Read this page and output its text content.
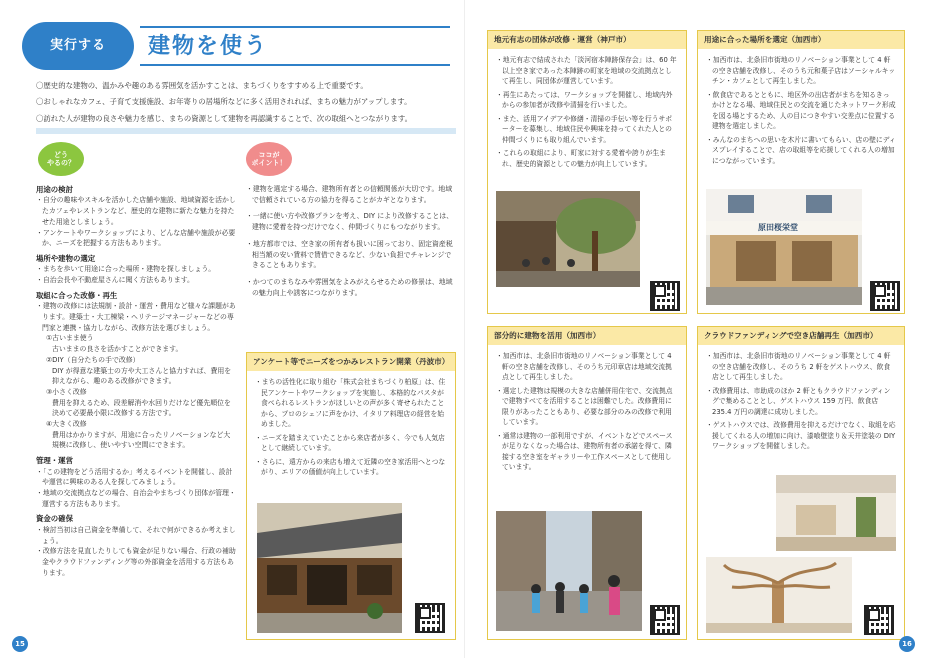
実行する	建物を使う

〇 歴史的な建物の、温かみや趣のある雰囲気を活かすことは、まちづくりをすすめる上で重要です。

〇 おしゃれなカフェ、子育て支援施設、お年寄りの居場所などに多く活用されれば、まちの魅力がアップします。

〇 訪れた人が建物の良さや魅力を感じ、まちの資源として建物を再認識することで、次の取組へとつながります。

どう
やるの？
ココが
ポイント！
用途の検討
・ 自分の趣味やスキルを活かした店舗や施設、地域資源を活かしたカフェやレストランなど、歴史的な建物に新たな魅力を持たせた用途としましょう。
・ アンケートやワークショップにより、どんな店舗や施設が必要か、ニーズを把握する方法もあります。
場所や建物の選定
・ まちを歩いて用途に合った場所・建物を探しましょう。
・ 自治会長や不動産屋さんに聞く方法もあります。
取組に合った改修・再生
・ 建物の改修には法規制・設計・運営・費用など様々な課題があります。建築士・大工棟梁・ヘリテージマネージャーなどの専門家と連携・協力しながら、改修方法を選びましょう。
①古いまま使う
古いままの良さを活かすことができます。
②DIY（自分たちの手で改修）
DIY が得意な建築士の方や大工さんと協力すれば、費用を抑えながら、趣のある改修ができます。
③小さく改修
費用を抑えるため、段差解消や水回りだけなど優先順位を決めて必要最小限に改修する方法です。
④大きく改修
費用はかかりますが、用途に合ったリノベーションなど大規模に改修し、使いやすい空間にできます。
管理・運営
・ 「この建物をどう活用するか」考えるイベントを開催し、設計や運営に興味のある人を探してみましょう。
・ 地域の交流拠点などの場合、自治会やまちづくり団体が管理・運営する方法もあります。
資金の確保
・ 検討当初は自己資金を準備して、それで何ができるか考えましょう。
・ 改修方法を見直したりしても資金が足りない場合、行政の補助金やクラウドファンディング等の外部資金を活用する方法もあります。

・ 建物を選定する場合、建物所有者との信頼関係が大切です。地域で信頼されている方の協力を得ることがカギとなります。

・ 一緒に使い方や改修プランを考え、DIY により改修することは、建物に愛着を持つだけでなく、仲間づくりにもつながります。

・ 地方都市では、空き家の所有者も扱いに困っており、固定資産税相当額の安い賃料で賃借できるなど、少ない負担でチャレンジできることもあります。

・ かつてのまちなみや雰囲気をよみがえらせるための修景は、地域の魅力向上や誘客につながります。

アンケート等でニーズをつかみレストラン開業（丹波市）

・ まちの活性化に取り組む「株式会社まちづくり柏原」は、住民アンケートやワークショップを実施し、本格的なパスタが食べられるレストランがほしいとの声が多く寄せられたことから、プロのシェフに声をかけ、イタリア料理店の経営を始めました。

・ ニーズを踏まえていたことから来店者が多く、今でも人気店として継続しています。

・ さらに、遠方からの来店も増えて近隣の空き家活用へとつながり、エリアの価値が向上しています。

15
地元有志の団体が改修・運営（神戸市）

・ 地元有志で結成された「淡河宿本陣跡保存会」は、60 年以上空き家であった本陣跡の町家を地域の交流拠点として再生し、同団体が運営しています。

・ 再生にあたっては、ワークショップを開催し、地域内外からの参加者が改修や清掃を行いました。

・ また、活用アイデアや修繕・清掃の手伝い等を行うサポーターを募集し、地域住民や興味を持ってくれた人との仲間づくりにも取り組んでいます。

・ これらの取組により、町家に対する愛着や誇りが生まれ、歴史的資源としての魅力が向上しています。

用途に合った場所を選定（加西市）

・ 加西市は、北条旧市街地のリノベーション事業として 4 軒の空き店舗を改修し、そのうち元和菓子店はソーシャルキッチン・カフェとして再生しました。

・ 飲食店であるとともに、地区外の出店者がまちを知るきっかけとなる場、地域住民との交流を通じたネットワーク形成を図る場とするため、人の目につきやすい交差点に位置する建物を選定しました。

・ みんなのまちへの思いを木片に書いてもらい、店の壁にディスプレイすることで、店の取組等を応援してくれる人の増加につながっています。

原田桜栄堂
部分的に建物を活用（加西市）

・ 加西市は、北条旧市街地のリノベーション事業として 4 軒の空き店舗を改修し、そのうち元印章店は地域交流拠点として再生しました。

・ 選定した建物は規模の大きな店舗併用住宅で、交流拠点で建物すべてを活用することは困難でした。改修費用に限りがあったこともあり、必要な部分のみの改修で利用しています。

・ 通常は建物の一部利用ですが、イベントなどでスペースが足りなくなった場合は、建物所有者の承諾を得て、隣接する空き室をギャラリーや工作スペースとして使用しています。

クラウドファンディングで空き店舗再生（加西市）

・ 加西市は、北条旧市街地のリノベーション事業として 4 軒の空き店舗を改修し、そのうち 2 軒をゲストハウス、飲食店として再生しました。

・ 改修費用は、市助成のほか 2 軒ともクラウドファンディングで集めることとし、ゲストハウス 159 万円、飲食店 235.4 万円の調達に成功しました。

・ ゲストハウスでは、改修費用を抑えるだけでなく、取組を応援してくれる人の増加に向け、漆喰壁塗り＆天井塗装の DIY ワークショップを開催しました。

16
